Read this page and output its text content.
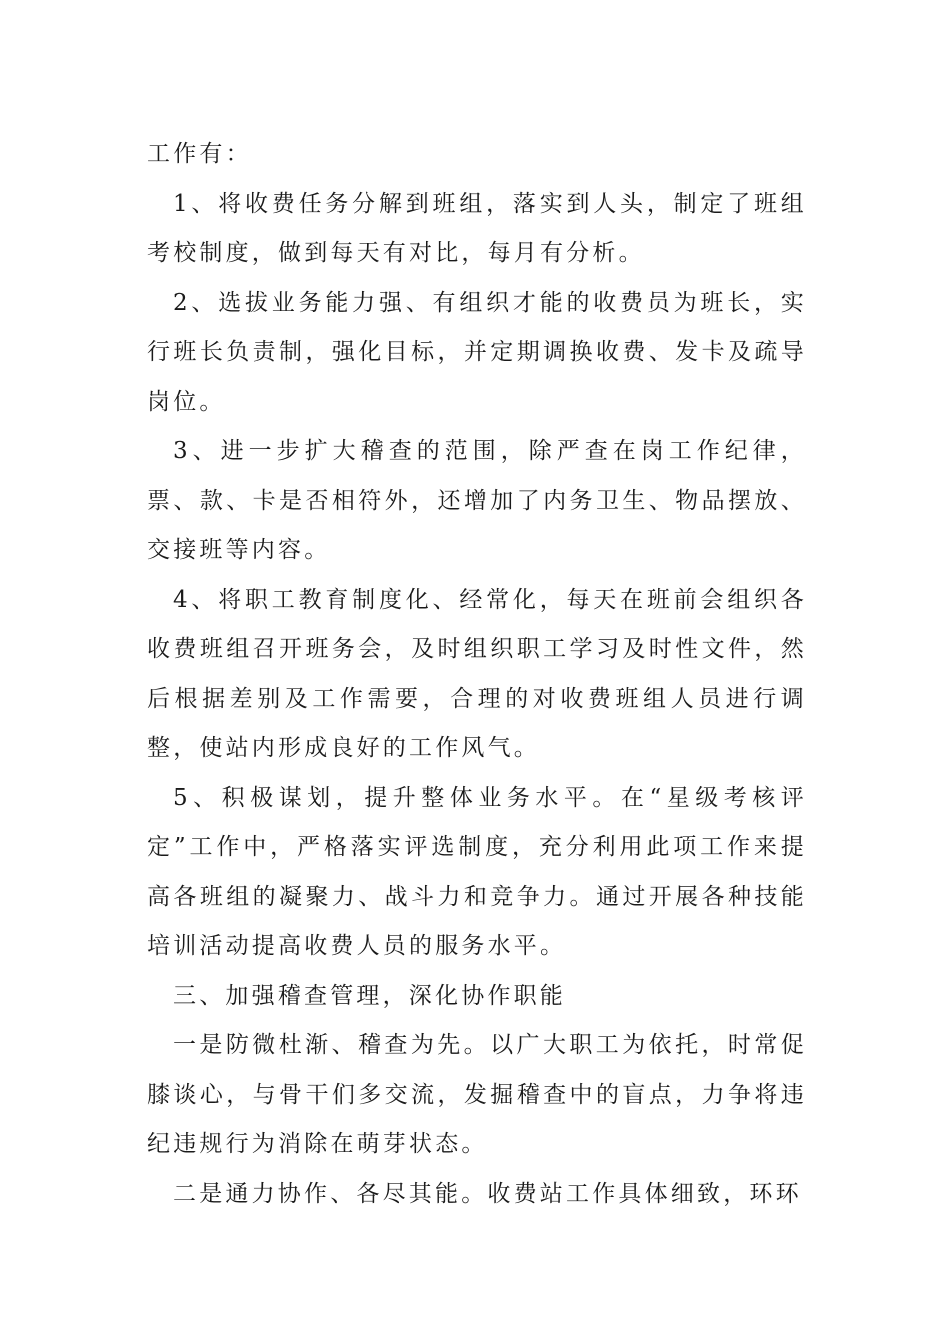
工作有：

1、将收费任务分解到班组，落实到人头，制定了班组考校制度，做到每天有对比，每月有分析。

2、选拔业务能力强、有组织才能的收费员为班长，实行班长负责制，强化目标，并定期调换收费、发卡及疏导岗位。

3、进一步扩大稽查的范围，除严查在岗工作纪律，票、款、卡是否相符外，还增加了内务卫生、物品摆放、交接班等内容。

4、将职工教育制度化、经常化，每天在班前会组织各收费班组召开班务会，及时组织职工学习及时性文件，然后根据差别及工作需要，合理的对收费班组人员进行调整，使站内形成良好的工作风气。

5、积极谋划，提升整体业务水平。在“星级考核评定”工作中，严格落实评选制度，充分利用此项工作来提高各班组的凝聚力、战斗力和竞争力。通过开展各种技能培训活动提高收费人员的服务水平。

三、加强稽查管理，深化协作职能

一是防微杜渐、稽查为先。以广大职工为依托，时常促膝谈心，与骨干们多交流，发掘稽查中的盲点，力争将违纪违规行为消除在萌芽状态。

二是通力协作、各尽其能。收费站工作具体细致，环环
